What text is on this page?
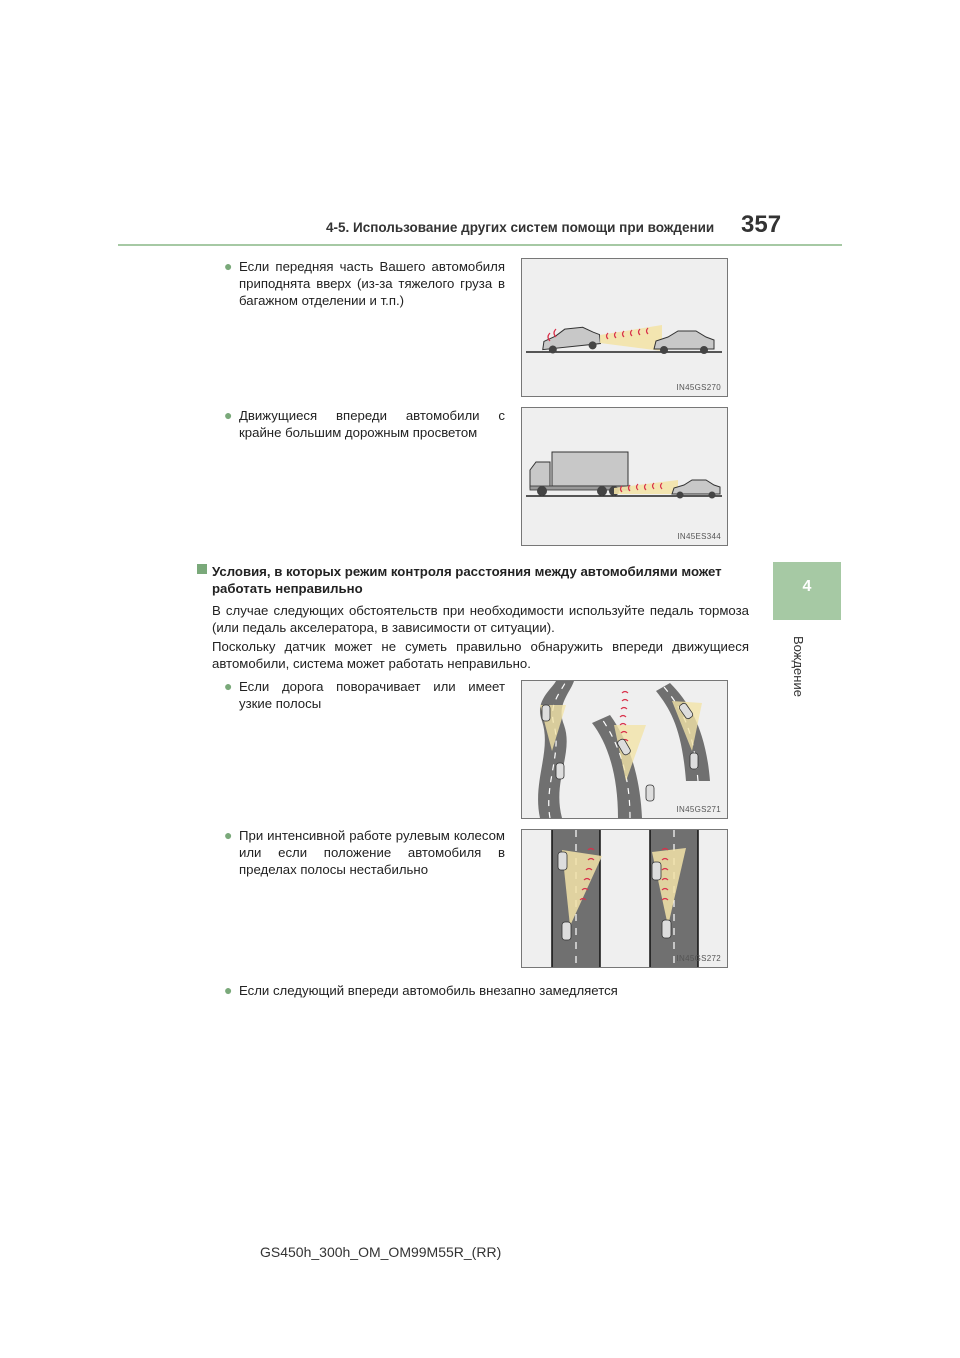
4-5. Использование других систем помощи при вождении 357
4
Вождение
● Если передняя часть Вашего автомобиля приподнята вверх (из-за тяжелого груза в багажном отделении и т.п.)
IN45GS270
● Движущиеся впереди автомобили с крайне большим дорожным просветом
IN45ES344
Условия, в которых режим контроля расстояния между автомобилями может работать неправильно
В случае следующих обстоятельств при необходимости используйте педаль тормоза (или педаль акселератора, в зависимости от ситуации).
Поскольку датчик может не суметь правильно обнаружить впереди движущиеся автомобили, система может работать неправильно.
● Если дорога поворачивает или имеет узкие полосы
IN45GS271
● При интенсивной работе рулевым колесом или если положение автомобиля в пределах полосы нестабильно
IN45GS272
● Если следующий впереди автомобиль внезапно замедляется
GS450h_300h_OM_OM99M55R_(RR)
